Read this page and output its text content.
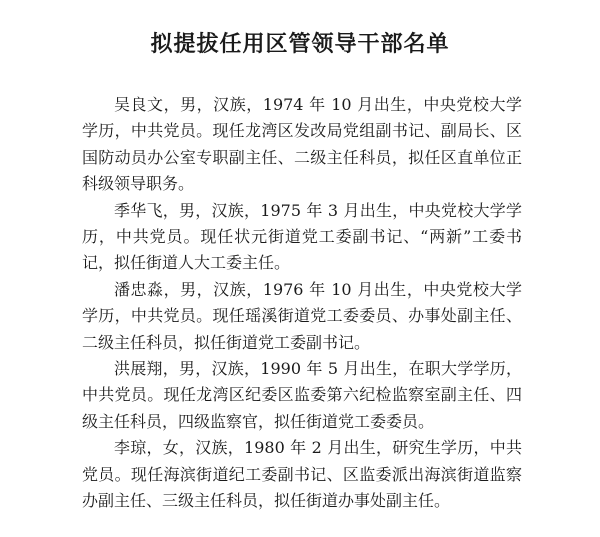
拟提拔任用区管领导干部名单

吴良文，男，汉族，1974 年 10 月出生，中央党校大学学历，中共党员。现任龙湾区发改局党组副书记、副局长、区国防动员办公室专职副主任、二级主任科员，拟任区直单位正科级领导职务。

季华飞，男，汉族，1975 年 3 月出生，中央党校大学学历，中共党员。现任状元街道党工委副书记、“两新”工委书记，拟任街道人大工委主任。

潘忠淼，男，汉族，1976 年 10 月出生，中央党校大学学历，中共党员。现任瑶溪街道党工委委员、办事处副主任、二级主任科员，拟任街道党工委副书记。

洪展翔，男，汉族，1990 年 5 月出生，在职大学学历，中共党员。现任龙湾区纪委区监委第六纪检监察室副主任、四级主任科员，四级监察官，拟任街道党工委委员。

李琼，女，汉族，1980 年 2 月出生，研究生学历，中共党员。现任海滨街道纪工委副书记、区监委派出海滨街道监察办副主任、三级主任科员，拟任街道办事处副主任。
